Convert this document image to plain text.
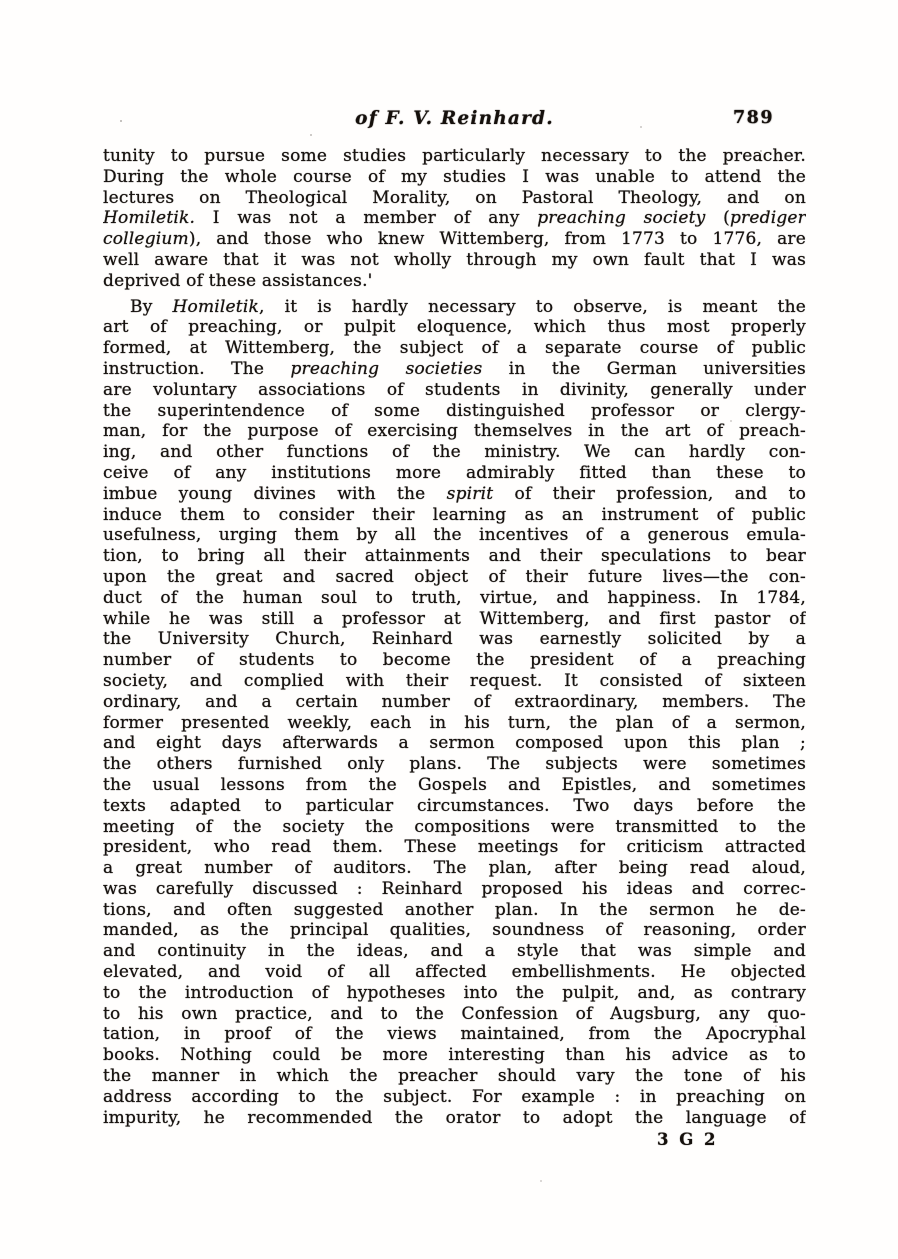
of F. V. Reinhard.	789
tunity to pursue some studies particularly necessary to the preacher.
During the whole course of my studies I was unable to attend the
lectures on Theological Morality, on Pastoral Theology, and on
Homiletik. I was not a member of any preaching society (prediger
collegium), and those who knew Wittemberg, from 1773 to 1776, are
well aware that it was not wholly through my own fault that I was
deprived of these assistances.'
By Homiletik, it is hardly necessary to observe, is meant the
art of preaching, or pulpit eloquence, which thus most properly
formed, at Wittemberg, the subject of a separate course of public
instruction. The preaching societies in the German universities
are voluntary associations of students in divinity, generally under
the superintendence of some distinguished professor or clergy-
man, for the purpose of exercising themselves in the art of preach-
ing, and other functions of the ministry. We can hardly con-
ceive of any institutions more admirably fitted than these to
imbue young divines with the spirit of their profession, and to
induce them to consider their learning as an instrument of public
usefulness, urging them by all the incentives of a generous emula-
tion, to bring all their attainments and their speculations to bear
upon the great and sacred object of their future lives—the con-
duct of the human soul to truth, virtue, and happiness. In 1784,
while he was still a professor at Wittemberg, and first pastor of
the University Church, Reinhard was earnestly solicited by a
number of students to become the president of a preaching
society, and complied with their request. It consisted of sixteen
ordinary, and a certain number of extraordinary, members. The
former presented weekly, each in his turn, the plan of a sermon,
and eight days afterwards a sermon composed upon this plan ;
the others furnished only plans. The subjects were sometimes
the usual lessons from the Gospels and Epistles, and sometimes
texts adapted to particular circumstances. Two days before the
meeting of the society the compositions were transmitted to the
president, who read them. These meetings for criticism attracted
a great number of auditors. The plan, after being read aloud,
was carefully discussed : Reinhard proposed his ideas and correc-
tions, and often suggested another plan. In the sermon he de-
manded, as the principal qualities, soundness of reasoning, order
and continuity in the ideas, and a style that was simple and
elevated, and void of all affected embellishments. He objected
to the introduction of hypotheses into the pulpit, and, as contrary
to his own practice, and to the Confession of Augsburg, any quo-
tation, in proof of the views maintained, from the Apocryphal
books. Nothing could be more interesting than his advice as to
the manner in which the preacher should vary the tone of his
address according to the subject. For example : in preaching on
impurity, he recommended the orator to adopt the language of
3 G 2
